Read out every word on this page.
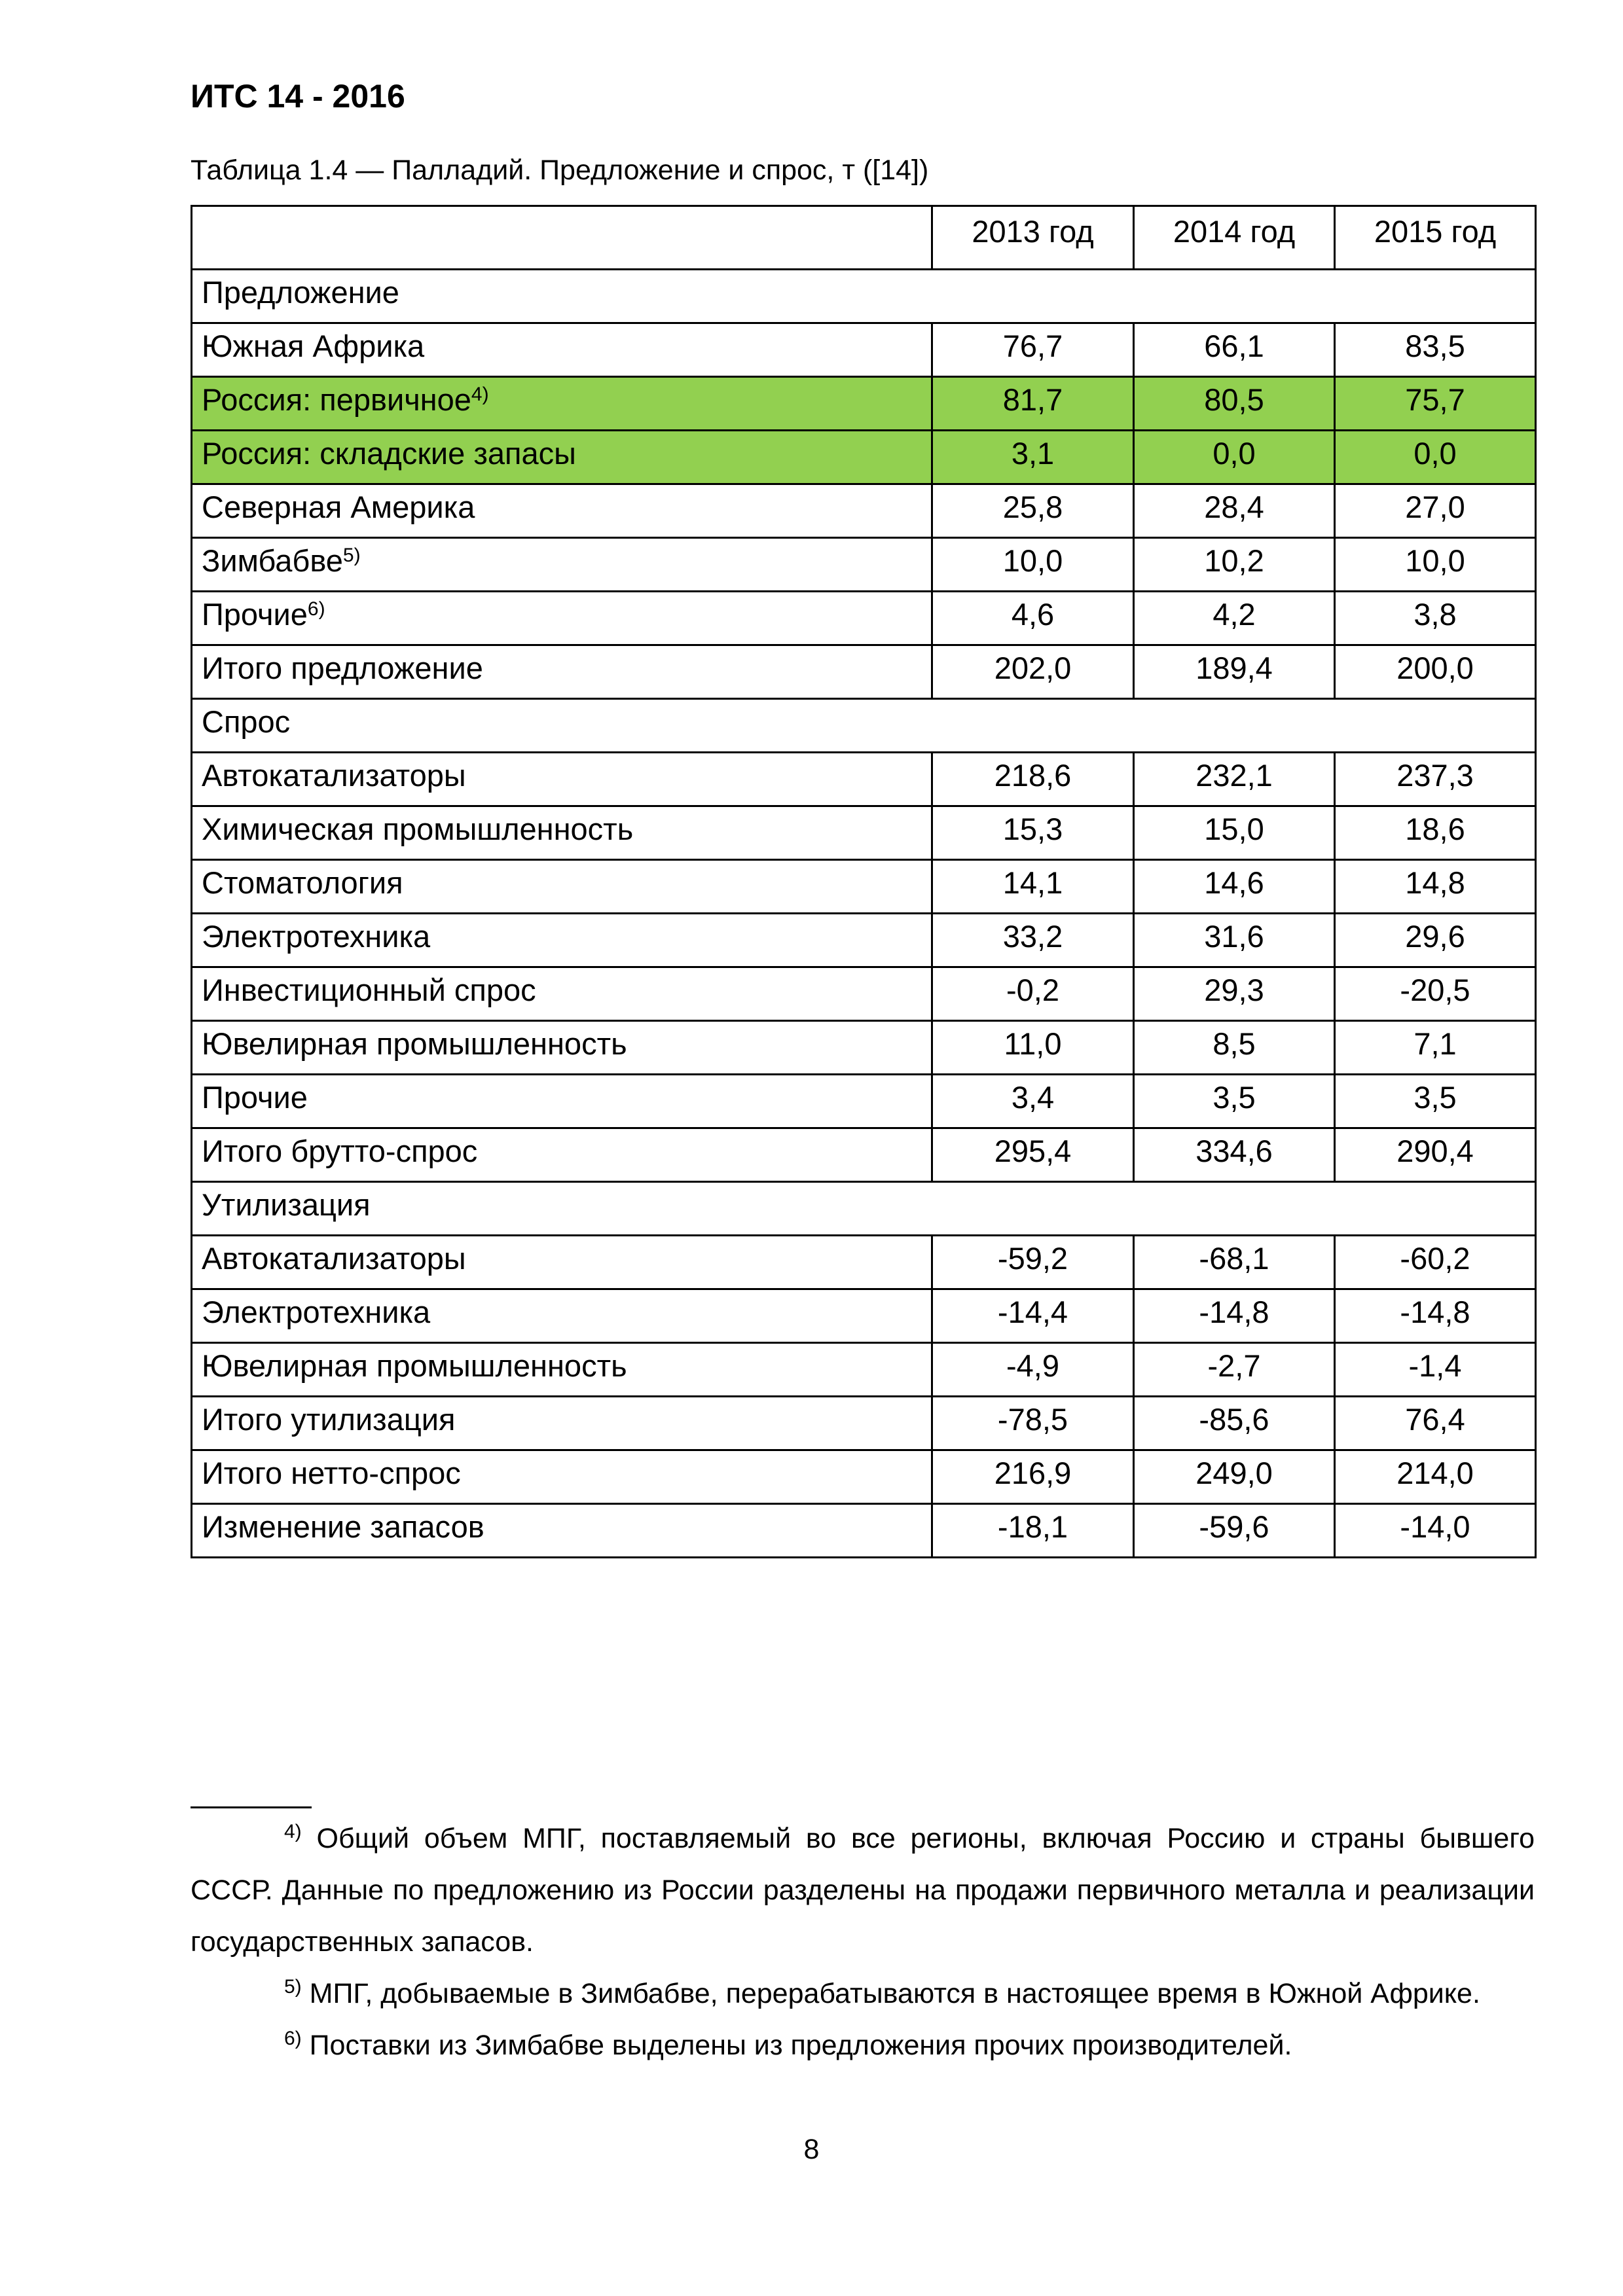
ИТС 14 - 2016
Таблица 1.4 — Палладий. Предложение и спрос, т ([14])
	2013 год	2014 год	2015 год
Предложение			
Южная Африка	76,7	66,1	83,5
Россия: первичное$^{4)}$	81,7	80,5	75,7
Россия: складские запасы	3,1	0,0	0,0
Северная Америка	25,8	28,4	27,0
Зимбабве$^{5)}$	10,0	10,2	10,0
Прочие$^{6)}$	4,6	4,2	3,8
Итого предложение	202,0	189,4	200,0
Спрос			
Автокатализаторы	218,6	232,1	237,3
Химическая промышленность	15,3	15,0	18,6
Стоматология	14,1	14,6	14,8
Электротехника	33,2	31,6	29,6
Инвестиционный спрос	-0,2	29,3	-20,5
Ювелирная промышленность	11,0	8,5	7,1
Прочие	3,4	3,5	3,5
Итого брутто-спрос	295,4	334,6	290,4
Утилизация			
Автокатализаторы	-59,2	-68,1	-60,2
Электротехника	-14,4	-14,8	-14,8
Ювелирная промышленность	-4,9	-2,7	-1,4
Итого утилизация	-78,5	-85,6	76,4
Итого нетто-спрос	216,9	249,0	214,0
Изменение запасов	-18,1	-59,6	-14,0

$^{4)}$ Общий объем МПГ, поставляемый во все регионы, включая Россию и страны бывшего СССР. Данные по предложению из России разделены на продажи первичного металла и реализации государственных запасов.

$^{5)}$ МПГ, добываемые в Зимбабве, перерабатываются в настоящее время в Южной Африке.

$^{6)}$ Поставки из Зимбабве выделены из предложения прочих производителей.

8
